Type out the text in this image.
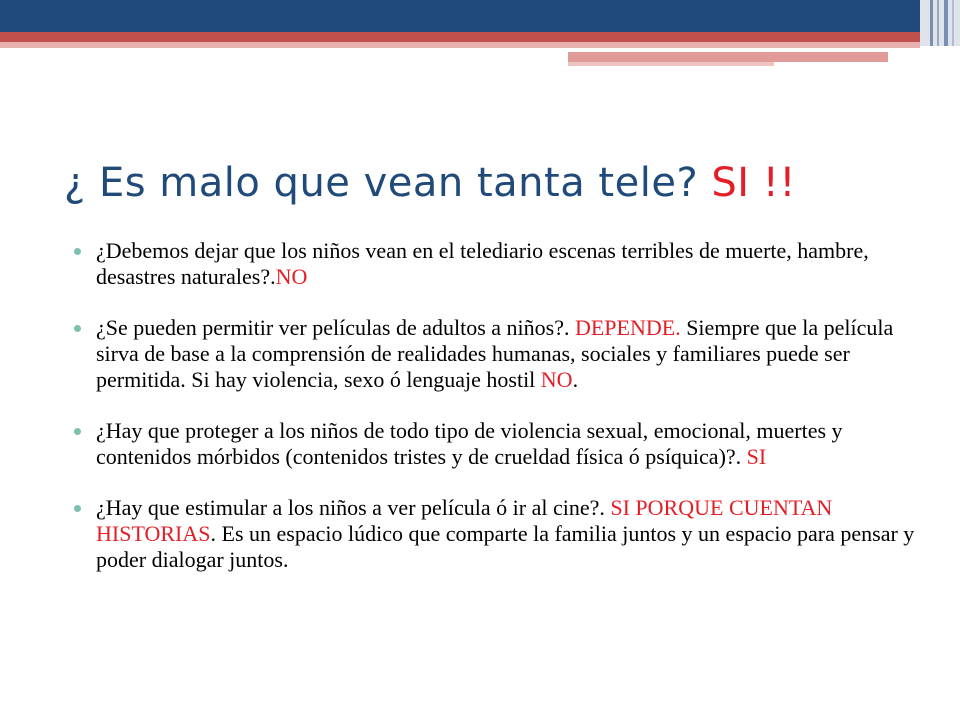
¿ Es malo que vean tanta tele? SI !!
¿Debemos dejar que los niños vean en el telediario escenas terribles de muerte, hambre, desastres naturales?.NO
¿Se pueden permitir ver películas de adultos a niños?. DEPENDE. Siempre que la película sirva de base a la comprensión de realidades humanas, sociales y familiares puede ser permitida. Si hay violencia, sexo ó lenguaje hostil NO.
¿Hay que proteger a los niños de todo tipo de violencia sexual, emocional, muertes y contenidos mórbidos (contenidos tristes y de crueldad física ó psíquica)?. SI
¿Hay que estimular a los niños a ver película ó ir al cine?. SI PORQUE CUENTAN HISTORIAS. Es un espacio lúdico que comparte la familia juntos y un espacio para pensar y poder dialogar juntos.
